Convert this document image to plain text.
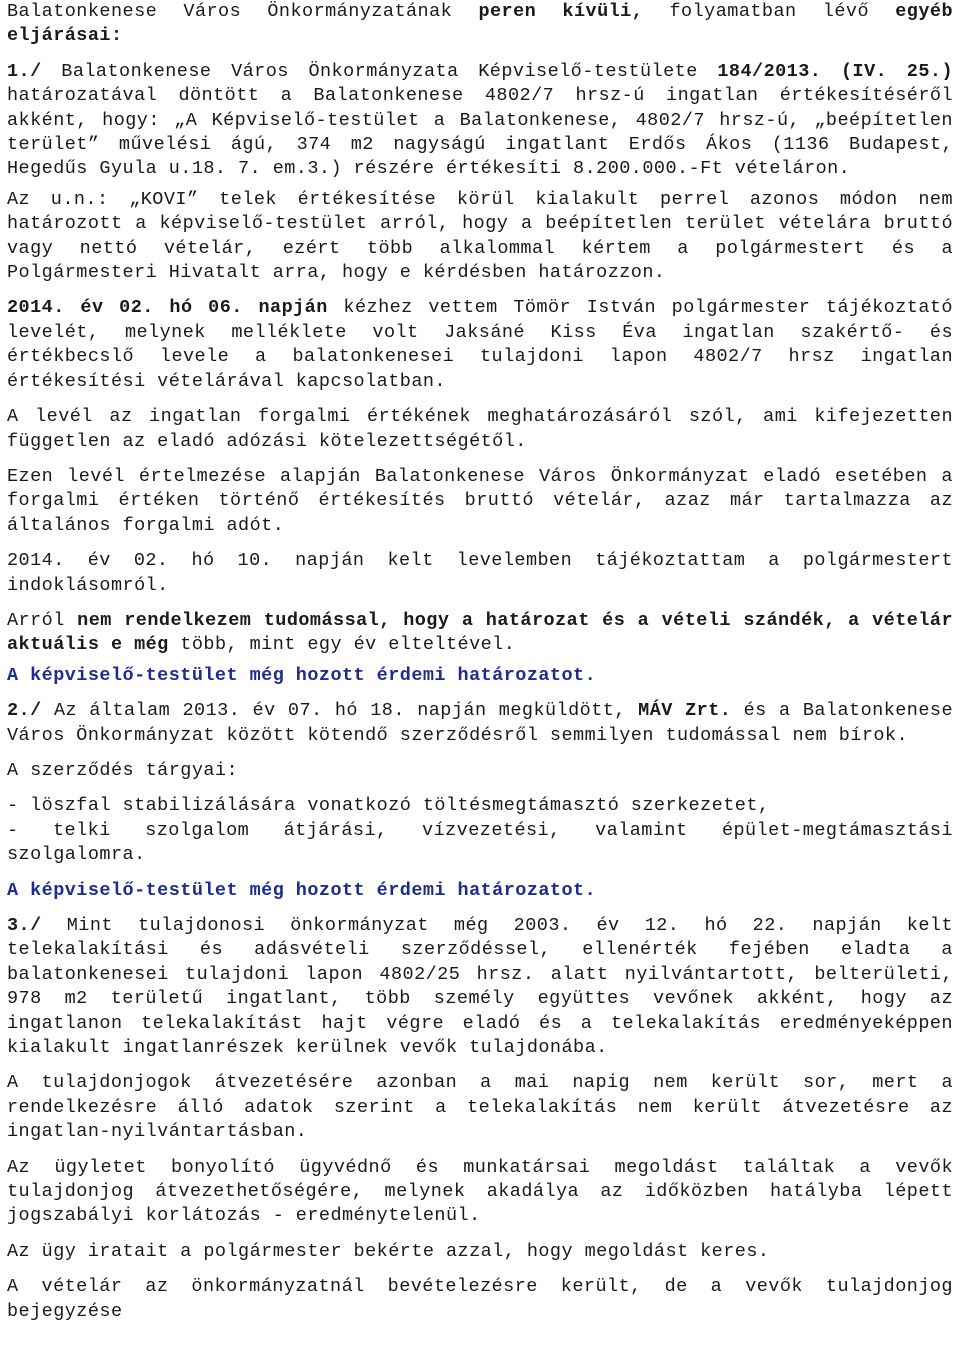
Balatonkenese Város Önkormányzatának peren kívüli, folyamatban lévő egyéb eljárásai:

1./ Balatonkenese Város Önkormányzata Képviselő-testülete 184/2013. (IV. 25.) határozatával döntött a Balatonkenese 4802/7 hrsz-ú ingatlan értékesítéséről akként, hogy: „A Képviselő-testület a Balatonkenese, 4802/7 hrsz-ú, „beépítetlen terület” művelési ágú, 374 m2 nagyságú ingatlant Erdős Ákos (1136 Budapest, Hegedűs Gyula u.18. 7. em.3.) részére értékesíti 8.200.000.-Ft vételáron.

Az u.n.: „KOVI” telek értékesítése körül kialakult perrel azonos módon nem határozott a képviselő-testület arról, hogy a beépítetlen terület vételára bruttó vagy nettó vételár, ezért több alkalommal kértem a polgármestert és a Polgármesteri Hivatalt arra, hogy e kérdésben határozzon.

2014. év 02. hó 06. napján kézhez vettem Tömör István polgármester tájékoztató levelét, melynek melléklete volt Jaksáné Kiss Éva ingatlan szakértő- és értékbecslő levele a balatonkenesei tulajdoni lapon 4802/7 hrsz ingatlan értékesítési vételárával kapcsolatban.

A levél az ingatlan forgalmi értékének meghatározásáról szól, ami kifejezetten független az eladó adózási kötelezettségétől.

Ezen levél értelmezése alapján Balatonkenese Város Önkormányzat eladó esetében a forgalmi értéken történő értékesítés bruttó vételár, azaz már tartalmazza az általános forgalmi adót.

2014. év 02. hó 10. napján kelt levelemben tájékoztattam a polgármestert indoklásomról.

Arról nem rendelkezem tudomással, hogy a határozat és a vételi szándék, a vételár aktuális e még több, mint egy év elteltével.

A képviselő-testület még hozott érdemi határozatot.

2./ Az általam 2013. év 07. hó 18. napján megküldött, MÁV Zrt. és a Balatonkenese Város Önkormányzat között kötendő szerződésről semmilyen tudomással nem bírok.

A szerződés tárgyai:

- löszfal stabilizálására vonatkozó töltésmegtámasztó szerkezetet,
- telki szolgalom átjárási, vízvezetési, valamint épület-megtámasztási szolgalomra.

A képviselő-testület még hozott érdemi határozatot.

3./ Mint tulajdonosi önkormányzat még 2003. év 12. hó 22. napján kelt telekalakítási és adásvételi szerződéssel, ellenérték fejében eladta a balatonkenesei tulajdoni lapon 4802/25 hrsz. alatt nyilvántartott, belterületi, 978 m2 területű ingatlant, több személy együttes vevőnek akként, hogy az ingatlanon telekalakítást hajt végre eladó és a telekalakítás eredményeképpen kialakult ingatlanrészek kerülnek vevők tulajdonába.

A tulajdonjogok átvezetésére azonban a mai napig nem került sor, mert a rendelkezésre álló adatok szerint a telekalakítás nem került átvezetésre az ingatlan-nyilvántartásban.

Az ügyletet bonyolító ügyvédnő és munkatársai megoldást találtak a vevők tulajdonjog átvezethetőségére, melynek akadálya az időközben hatályba lépett jogszabályi korlátozás - eredménytelenül.

Az ügy iratait a polgármester bekérte azzal, hogy megoldást keres.

A vételár az önkormányzatnál bevételezésre került, de a vevők tulajdonjog bejegyzése
